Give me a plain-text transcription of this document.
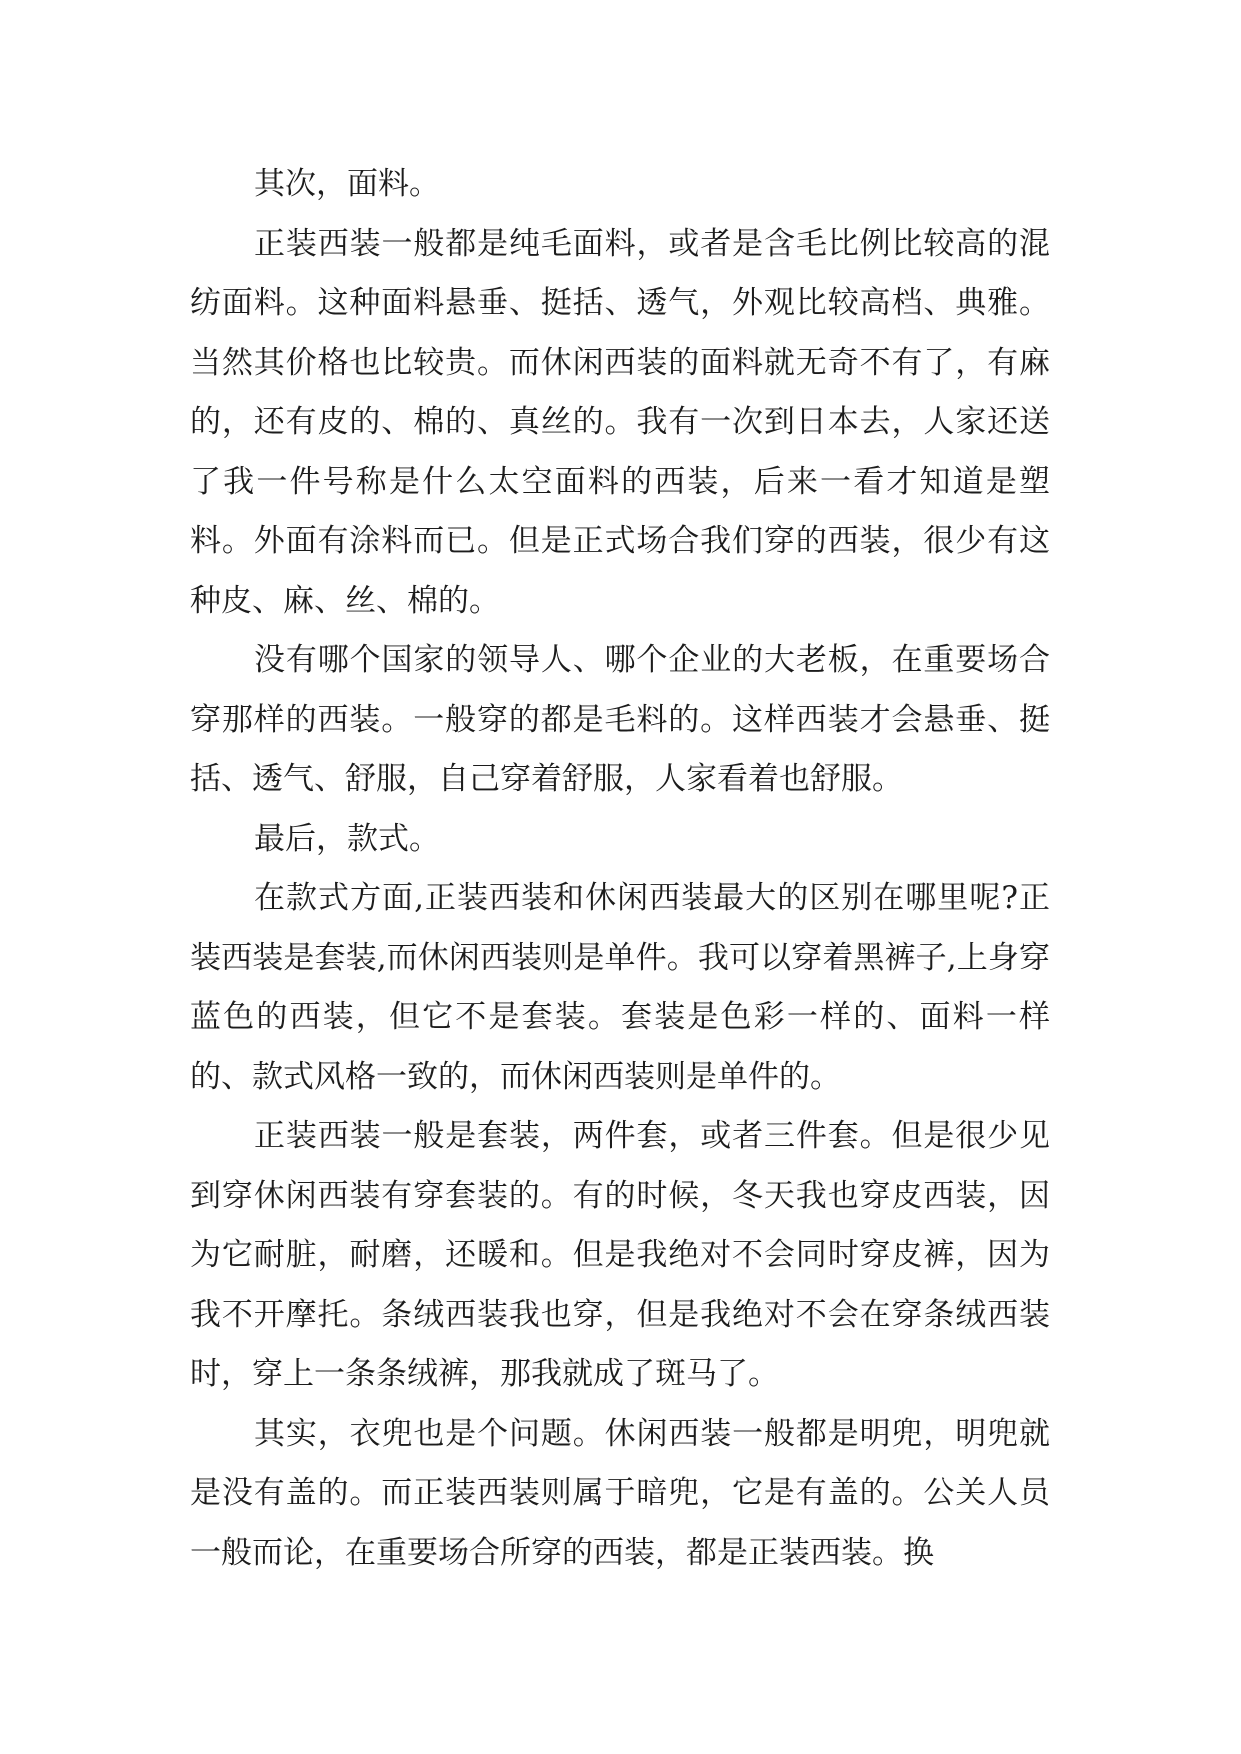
其次，面料。

正装西装一般都是纯毛面料，或者是含毛比例比较高的混纺面料。这种面料悬垂、挺括、透气，外观比较高档、典雅。当然其价格也比较贵。而休闲西装的面料就无奇不有了，有麻的，还有皮的、棉的、真丝的。我有一次到日本去，人家还送了我一件号称是什么太空面料的西装，后来一看才知道是塑料。外面有涂料而已。但是正式场合我们穿的西装，很少有这种皮、麻、丝、棉的。

没有哪个国家的领导人、哪个企业的大老板，在重要场合穿那样的西装。一般穿的都是毛料的。这样西装才会悬垂、挺括、透气、舒服，自己穿着舒服，人家看着也舒服。

最后，款式。

在款式方面,正装西装和休闲西装最大的区别在哪里呢?正装西装是套装,而休闲西装则是单件。我可以穿着黑裤子,上身穿蓝色的西装，但它不是套装。套装是色彩一样的、面料一样的、款式风格一致的，而休闲西装则是单件的。

正装西装一般是套装，两件套，或者三件套。但是很少见到穿休闲西装有穿套装的。有的时候，冬天我也穿皮西装，因为它耐脏，耐磨，还暖和。但是我绝对不会同时穿皮裤，因为我不开摩托。条绒西装我也穿，但是我绝对不会在穿条绒西装时，穿上一条条绒裤，那我就成了斑马了。

其实，衣兜也是个问题。休闲西装一般都是明兜，明兜就是没有盖的。而正装西装则属于暗兜，它是有盖的。公关人员一般而论，在重要场合所穿的西装，都是正装西装。换
